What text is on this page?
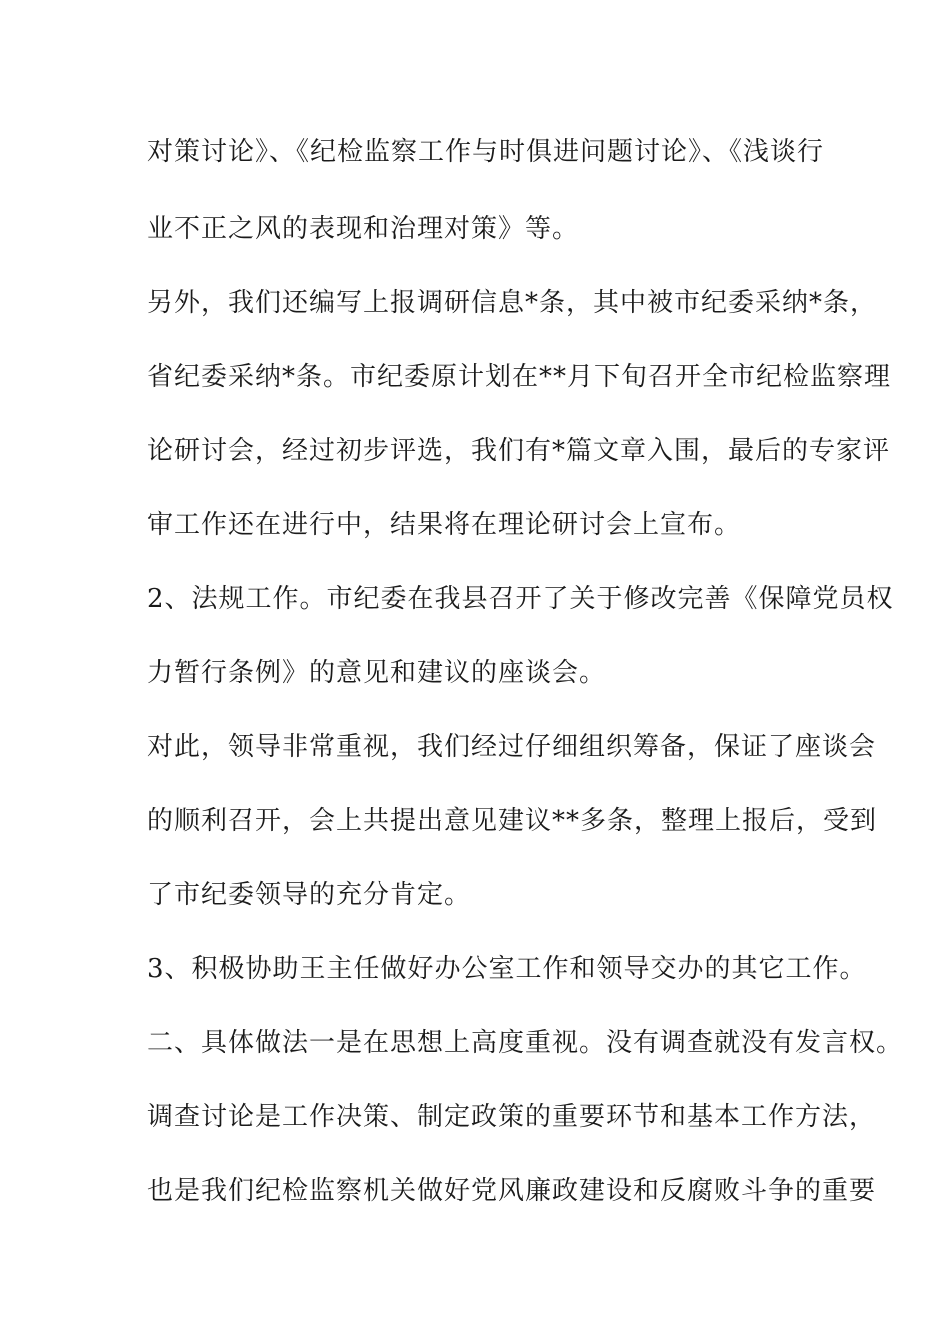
对策讨论》、《纪检监察工作与时俱进问题讨论》、《浅谈行
业不正之风的表现和治理对策》等。
另外，我们还编写上报调研信息*条，其中被市纪委采纳*条，
省纪委采纳*条。市纪委原计划在**月下旬召开全市纪检监察理
论研讨会，经过初步评选，我们有*篇文章入围，最后的专家评
审工作还在进行中，结果将在理论研讨会上宣布。
2、法规工作。市纪委在我县召开了关于修改完善《保障党员权
力暂行条例》的意见和建议的座谈会。
对此，领导非常重视，我们经过仔细组织筹备，保证了座谈会
的顺利召开，会上共提出意见建议**多条，整理上报后，受到
了市纪委领导的充分肯定。
3、积极协助王主任做好办公室工作和领导交办的其它工作。
二、具体做法一是在思想上高度重视。没有调查就没有发言权。
调查讨论是工作决策、制定政策的重要环节和基本工作方法，
也是我们纪检监察机关做好党风廉政建设和反腐败斗争的重要
